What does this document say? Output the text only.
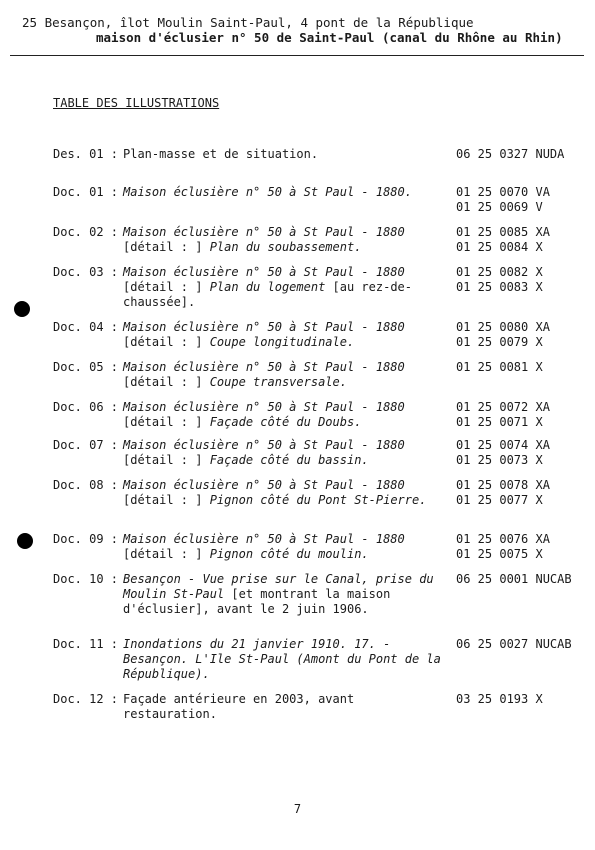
25 Besançon, îlot Moulin Saint-Paul, 4 pont de la République
maison d'éclusier n° 50 de Saint-Paul (canal du Rhône au Rhin)
TABLE DES ILLUSTRATIONS
Des. 01 : Plan-masse et de situation.	06 25 0327 NUDA
Doc. 01 : Maison éclusière n° 50 à St Paul - 1880.	01 25 0070 VA
01 25 0069 V
Doc. 02 : Maison éclusière n° 50 à St Paul - 1880 [détail : ] Plan du soubassement.
01 25 0085 XA
01 25 0084 X
Doc. 03 : Maison éclusière n° 50 à St Paul - 1880 [détail : ] Plan du logement [au rez-de-chaussée].
01 25 0082 X
01 25 0083 X
Doc. 04 : Maison éclusière n° 50 à St Paul - 1880 [détail : ] Coupe longitudinale.
01 25 0080 XA
01 25 0079 X
Doc. 05 : Maison éclusière n° 50 à St Paul - 1880 [détail : ] Coupe transversale.
01 25 0081 X
Doc. 06 : Maison éclusière n° 50 à St Paul - 1880 [détail : ] Façade côté du Doubs.
01 25 0072 XA
01 25 0071 X
Doc. 07 : Maison éclusière n° 50 à St Paul - 1880 [détail : ] Façade côté du bassin.
01 25 0074 XA
01 25 0073 X
Doc. 08 : Maison éclusière n° 50 à St Paul - 1880 [détail : ] Pignon côté du Pont St-Pierre.
01 25 0078 XA
01 25 0077 X
Doc. 09 : Maison éclusière n° 50 à St Paul - 1880 [détail : ] Pignon côté du moulin.
01 25 0076 XA
01 25 0075 X
Doc. 10 : Besançon - Vue prise sur le Canal, prise du Moulin St-Paul [et montrant la maison d'éclusier], avant le 2 juin 1906.
06 25 0001 NUCAB
Doc. 11 : Inondations du 21 janvier 1910. 17. - Besançon. L'Ile St-Paul (Amont du Pont de la République).
06 25 0027 NUCAB
Doc. 12 : Façade antérieure en 2003, avant restauration.
03 25 0193 X
7
